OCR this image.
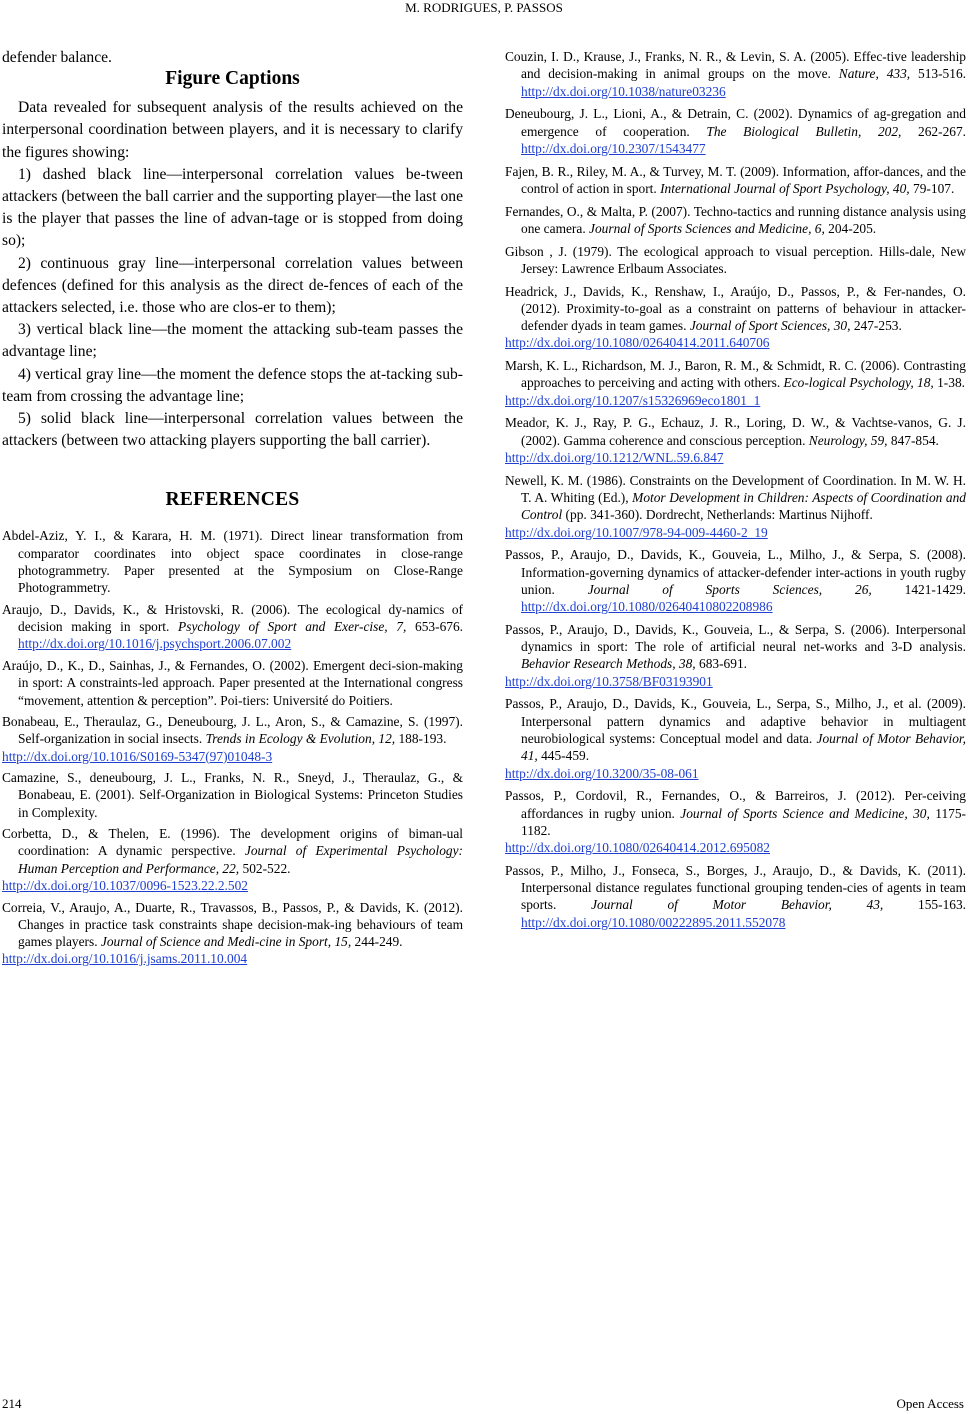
M. RODRIGUES, P. PASSOS

defender balance.

Figure Captions

Data revealed for subsequent analysis of the results achieved on the interpersonal coordination between players, and it is necessary to clarify the figures showing:

1) dashed black line—interpersonal correlation values be-tween attackers (between the ball carrier and the supporting player—the last one is the player that passes the line of advan-tage or is stopped from doing so);

2) continuous gray line—interpersonal correlation values between defences (defined for this analysis as the direct de-fences of each of the attackers selected, i.e. those who are clos-er to them);

3) vertical black line—the moment the attacking sub-team passes the advantage line;

4) vertical gray line—the moment the defence stops the at-tacking sub-team from crossing the advantage line;

5) solid black line—interpersonal correlation values between the attackers (between two attacking players supporting the ball carrier).

REFERENCES

Abdel-Aziz, Y. I., & Karara, H. M. (1971). Direct linear transformation from comparator coordinates into object space coordinates in close-range photogrammetry. Paper presented at the Symposium on Close-Range Photogrammetry.

Araujo, D., Davids, K., & Hristovski, R. (2006). The ecological dy-namics of decision making in sport. Psychology of Sport and Exer-cise, 7, 653-676. http://dx.doi.org/10.1016/j.psychsport.2006.07.002

Araújo, D., K., D., Sainhas, J., & Fernandes, O. (2002). Emergent deci-sion-making in sport: A constraints-led approach. Paper presented at the International congress “movement, attention & perception”. Poi-tiers: Université do Poitiers.

Bonabeau, E., Theraulaz, G., Deneubourg, J. L., Aron, S., & Camazine, S. (1997). Self-organization in social insects. Trends in Ecology & Evolution, 12, 188-193.
http://dx.doi.org/10.1016/S0169-5347(97)01048-3

Camazine, S., deneubourg, J. L., Franks, N. R., Sneyd, J., Theraulaz, G., & Bonabeau, E. (2001). Self-Organization in Biological Systems: Princeton Studies in Complexity.

Corbetta, D., & Thelen, E. (1996). The development origins of biman-ual coordination: A dynamic perspective. Journal of Experimental Psychology: Human Perception and Performance, 22, 502-522.
http://dx.doi.org/10.1037/0096-1523.22.2.502

Correia, V., Araujo, A., Duarte, R., Travassos, B., Passos, P., & Davids, K. (2012). Changes in practice task constraints shape decision-mak-ing behaviours of team games players. Journal of Science and Medi-cine in Sport, 15, 244-249.
http://dx.doi.org/10.1016/j.jsams.2011.10.004

Couzin, I. D., Krause, J., Franks, N. R., & Levin, S. A. (2005). Effec-tive leadership and decision-making in animal groups on the move. Nature, 433, 513-516. http://dx.doi.org/10.1038/nature03236

Deneubourg, J. L., Lioni, A., & Detrain, C. (2002). Dynamics of ag-gregation and emergence of cooperation. The Biological Bulletin, 202, 262-267. http://dx.doi.org/10.2307/1543477

Fajen, B. R., Riley, M. A., & Turvey, M. T. (2009). Information, affor-dances, and the control of action in sport. International Journal of Sport Psychology, 40, 79-107.

Fernandes, O., & Malta, P. (2007). Techno-tactics and running distance analysis using one camera. Journal of Sports Sciences and Medicine, 6, 204-205.

Gibson , J. (1979). The ecological approach to visual perception. Hills-dale, New Jersey: Lawrence Erlbaum Associates.

Headrick, J., Davids, K., Renshaw, I., Araújo, D., Passos, P., & Fer-nandes, O. (2012). Proximity-to-goal as a constraint on patterns of behaviour in attacker-defender dyads in team games. Journal of Sport Sciences, 30, 247-253.
http://dx.doi.org/10.1080/02640414.2011.640706

Marsh, K. L., Richardson, M. J., Baron, R. M., & Schmidt, R. C. (2006). Contrasting approaches to perceiving and acting with others. Eco-logical Psychology, 18, 1-38.
http://dx.doi.org/10.1207/s15326969eco1801_1

Meador, K. J., Ray, P. G., Echauz, J. R., Loring, D. W., & Vachtse-vanos, G. J. (2002). Gamma coherence and conscious perception. Neurology, 59, 847-854.
http://dx.doi.org/10.1212/WNL.59.6.847

Newell, K. M. (1986). Constraints on the Development of Coordination. In M. W. H. T. A. Whiting (Ed.), Motor Development in Children: Aspects of Coordination and Control (pp. 341-360). Dordrecht, Netherlands: Martinus Nijhoff.
http://dx.doi.org/10.1007/978-94-009-4460-2_19

Passos, P., Araujo, D., Davids, K., Gouveia, L., Milho, J., & Serpa, S. (2008). Information-governing dynamics of attacker-defender inter-actions in youth rugby union. Journal of Sports Sciences, 26, 1421-1429. http://dx.doi.org/10.1080/02640410802208986

Passos, P., Araujo, D., Davids, K., Gouveia, L., & Serpa, S. (2006). Interpersonal dynamics in sport: The role of artificial neural net-works and 3-D analysis. Behavior Research Methods, 38, 683-691.
http://dx.doi.org/10.3758/BF03193901

Passos, P., Araujo, D., Davids, K., Gouveia, L., Serpa, S., Milho, J., et al. (2009). Interpersonal pattern dynamics and adaptive behavior in multiagent neurobiological systems: Conceptual model and data. Journal of Motor Behavior, 41, 445-459.
http://dx.doi.org/10.3200/35-08-061

Passos, P., Cordovil, R., Fernandes, O., & Barreiros, J. (2012). Per-ceiving affordances in rugby union. Journal of Sports Science and Medicine, 30, 1175-1182.
http://dx.doi.org/10.1080/02640414.2012.695082

Passos, P., Milho, J., Fonseca, S., Borges, J., Araujo, D., & Davids, K. (2011). Interpersonal distance regulates functional grouping tenden-cies of agents in team sports. Journal of Motor Behavior, 43, 155-163. http://dx.doi.org/10.1080/00222895.2011.552078

214	Open Access
